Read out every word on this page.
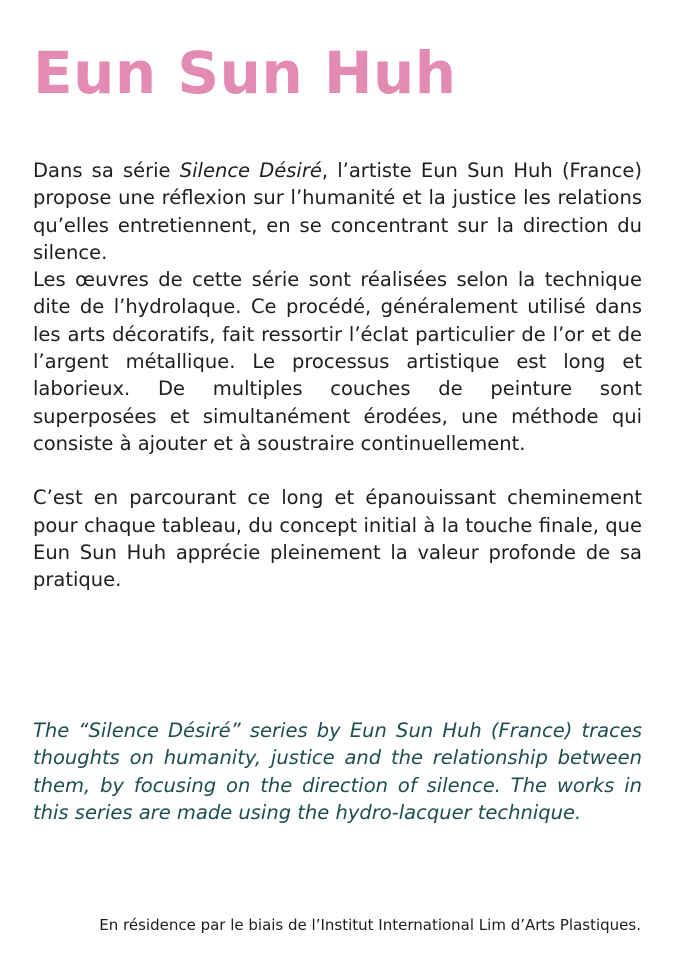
Eun Sun Huh

Dans sa série Silence Désiré, l’artiste Eun Sun Huh (France) propose une réflexion sur l’humanité et la justice les relations qu’elles entretiennent, en se concentrant sur la direction du silence.

Les œuvres de cette série sont réalisées selon la technique dite de l’hydrolaque. Ce procédé, généralement utilisé dans les arts décoratifs, fait ressortir l’éclat particulier de l’or et de l’argent métallique. Le processus artistique est long et laborieux. De multiples couches de peinture sont superposées et simultanément érodées, une méthode qui consiste à ajouter et à soustraire continuellement.

C’est en parcourant ce long et épanouissant cheminement pour chaque tableau, du concept initial à la touche finale, que Eun Sun Huh apprécie pleinement la valeur profonde de sa pratique.

The “Silence Désiré” series by Eun Sun Huh (France) traces thoughts on humanity, justice and the relationship between them, by focusing on the direction of silence. The works in this series are made using the hydro-lacquer technique.

En résidence par le biais de l’Institut International Lim d’Arts Plastiques.
